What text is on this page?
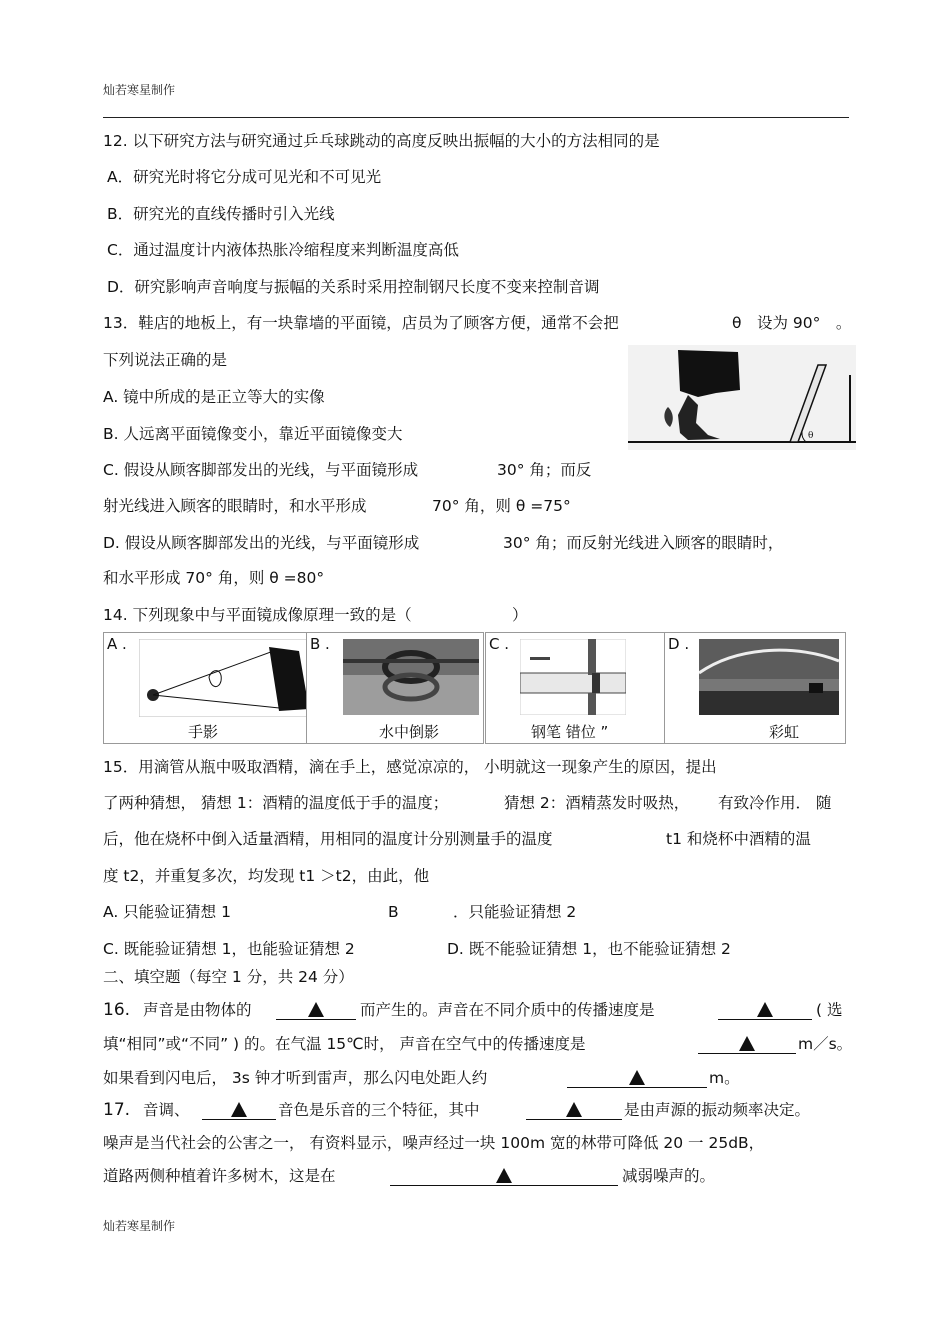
灿若寒星制作
12. 以下研究方法与研究通过乒乓球跳动的高度反映出振幅的大小的方法相同的是
A．研究光时将它分成可见光和不可见光
B．研究光的直线传播时引入光线
C．通过温度计内液体热胀冷缩程度来判断温度高低
D．研究影响声音响度与振幅的关系时采用控制钢尺长度不变来控制音调
13．鞋店的地板上，有一块靠墙的平面镜，店员为了顾客方便，通常不会把	θ　设为 90°　。
下列说法正确的是
A. 镜中所成的是正立等大的实像
B. 人远离平面镜像变小，靠近平面镜像变大
C. 假设从顾客脚部发出的光线，与平面镜形成	30° 角；而反
射光线进入顾客的眼睛时，和水平形成	70° 角，则 θ =75°
D. 假设从顾客脚部发出的光线，与平面镜形成	30° 角；而反射光线进入顾客的眼睛时，
和水平形成 70° 角，则 θ =80°
θ
14. 下列现象中与平面镜成像原理一致的是（	）
A .
手影
B .
水中倒影
C .
钢笔 错位 ”
D .
彩虹
15．用滴管从瓶中吸取酒精，滴在手上，感觉凉凉的， 小明就这一现象产生的原因，提出
了两种猜想， 猜想 1：酒精的温度低于手的温度；	猜想 2：酒精蒸发时吸热， 有致冷作用． 随
后，他在烧杯中倒入适量酒精，用相同的温度计分别测量手的温度	t1 和烧杯中酒精的温
度 t2，并重复多次，均发现 t1 ＞t2，由此，他
A. 只能验证猜想 1	B	．只能验证猜想 2
C. 既能验证猜想 1，也能验证猜想 2	D. 既不能验证猜想 1，也不能验证猜想 2
二、填空题（每空 1 分，共 24 分）
16. 声音是由物体的	而产生的。声音在不同介质中的传播速度是	( 选
填“相同”或“不同” ) 的。在气温 15℃时， 声音在空气中的传播速度是	m／s。
如果看到闪电后， 3s 钟才听到雷声，那么闪电处距人约	m。
17. 音调、	音色是乐音的三个特征，其中	是由声源的振动频率决定。
噪声是当代社会的公害之一， 有资料显示，噪声经过一块 100m 宽的林带可降低 20 一 25dB，
道路两侧种植着许多树木，这是在	减弱噪声的。
灿若寒星制作
